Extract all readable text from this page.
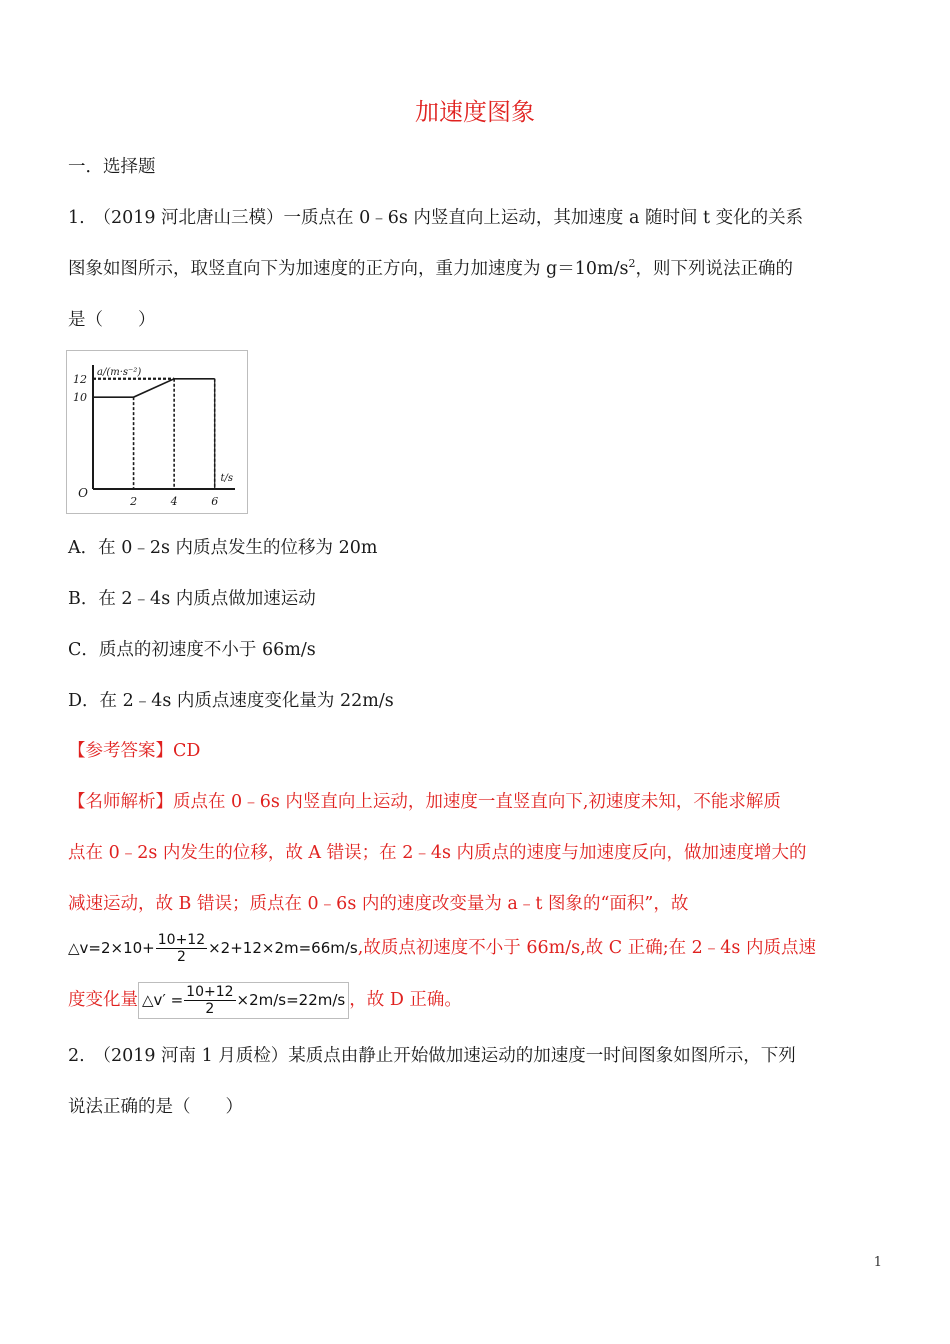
加速度图象
一．选择题
1.　（2019 河北唐山三模）一质点在 0﹣6s 内竖直向上运动，其加速度 a 随时间 t 变化的关系
图象如图所示，取竖直向下为加速度的正方向，重力加速度为 $g=10m/s^2$，则下列说法正确的
是（　　）
2	4	6
10
12
O
a/(m·s⁻²)
t/s
A．在 0﹣2s 内质点发生的位移为 20m
B．在 2﹣4s 内质点做加速运动
C．质点的初速度不小于 66m/s
D．在 2﹣4s 内质点速度变化量为 22m/s
【参考答案】CD
【名师解析】质点在 0﹣6s 内竖直向上运动，加速度一直竖直向下,初速度未知，不能求解质
点在 0﹣2s 内发生的位移，故 A 错误；在 2﹣4s 内质点的速度与加速度反向，做加速度增大的
减速运动，故 B 错误；质点在 0﹣6s 内的速度改变量为 a﹣t 图象的“面积”，故
△v=2×10+ $\frac{10+12}{2} \times 2+12\times 2m=66m/s$,故质点初速度不小于 66m/s,故 C 正确;在 2﹣4s 内质点速
度变化量 △v′ = $\frac{10+12}{2} \times 2m/s=22m/s$ ，故 D 正确。
2.　（2019 河南 1 月质检）某质点由静止开始做加速运动的加速度一时间图象如图所示，下列
说法正确的是（　　）
1
